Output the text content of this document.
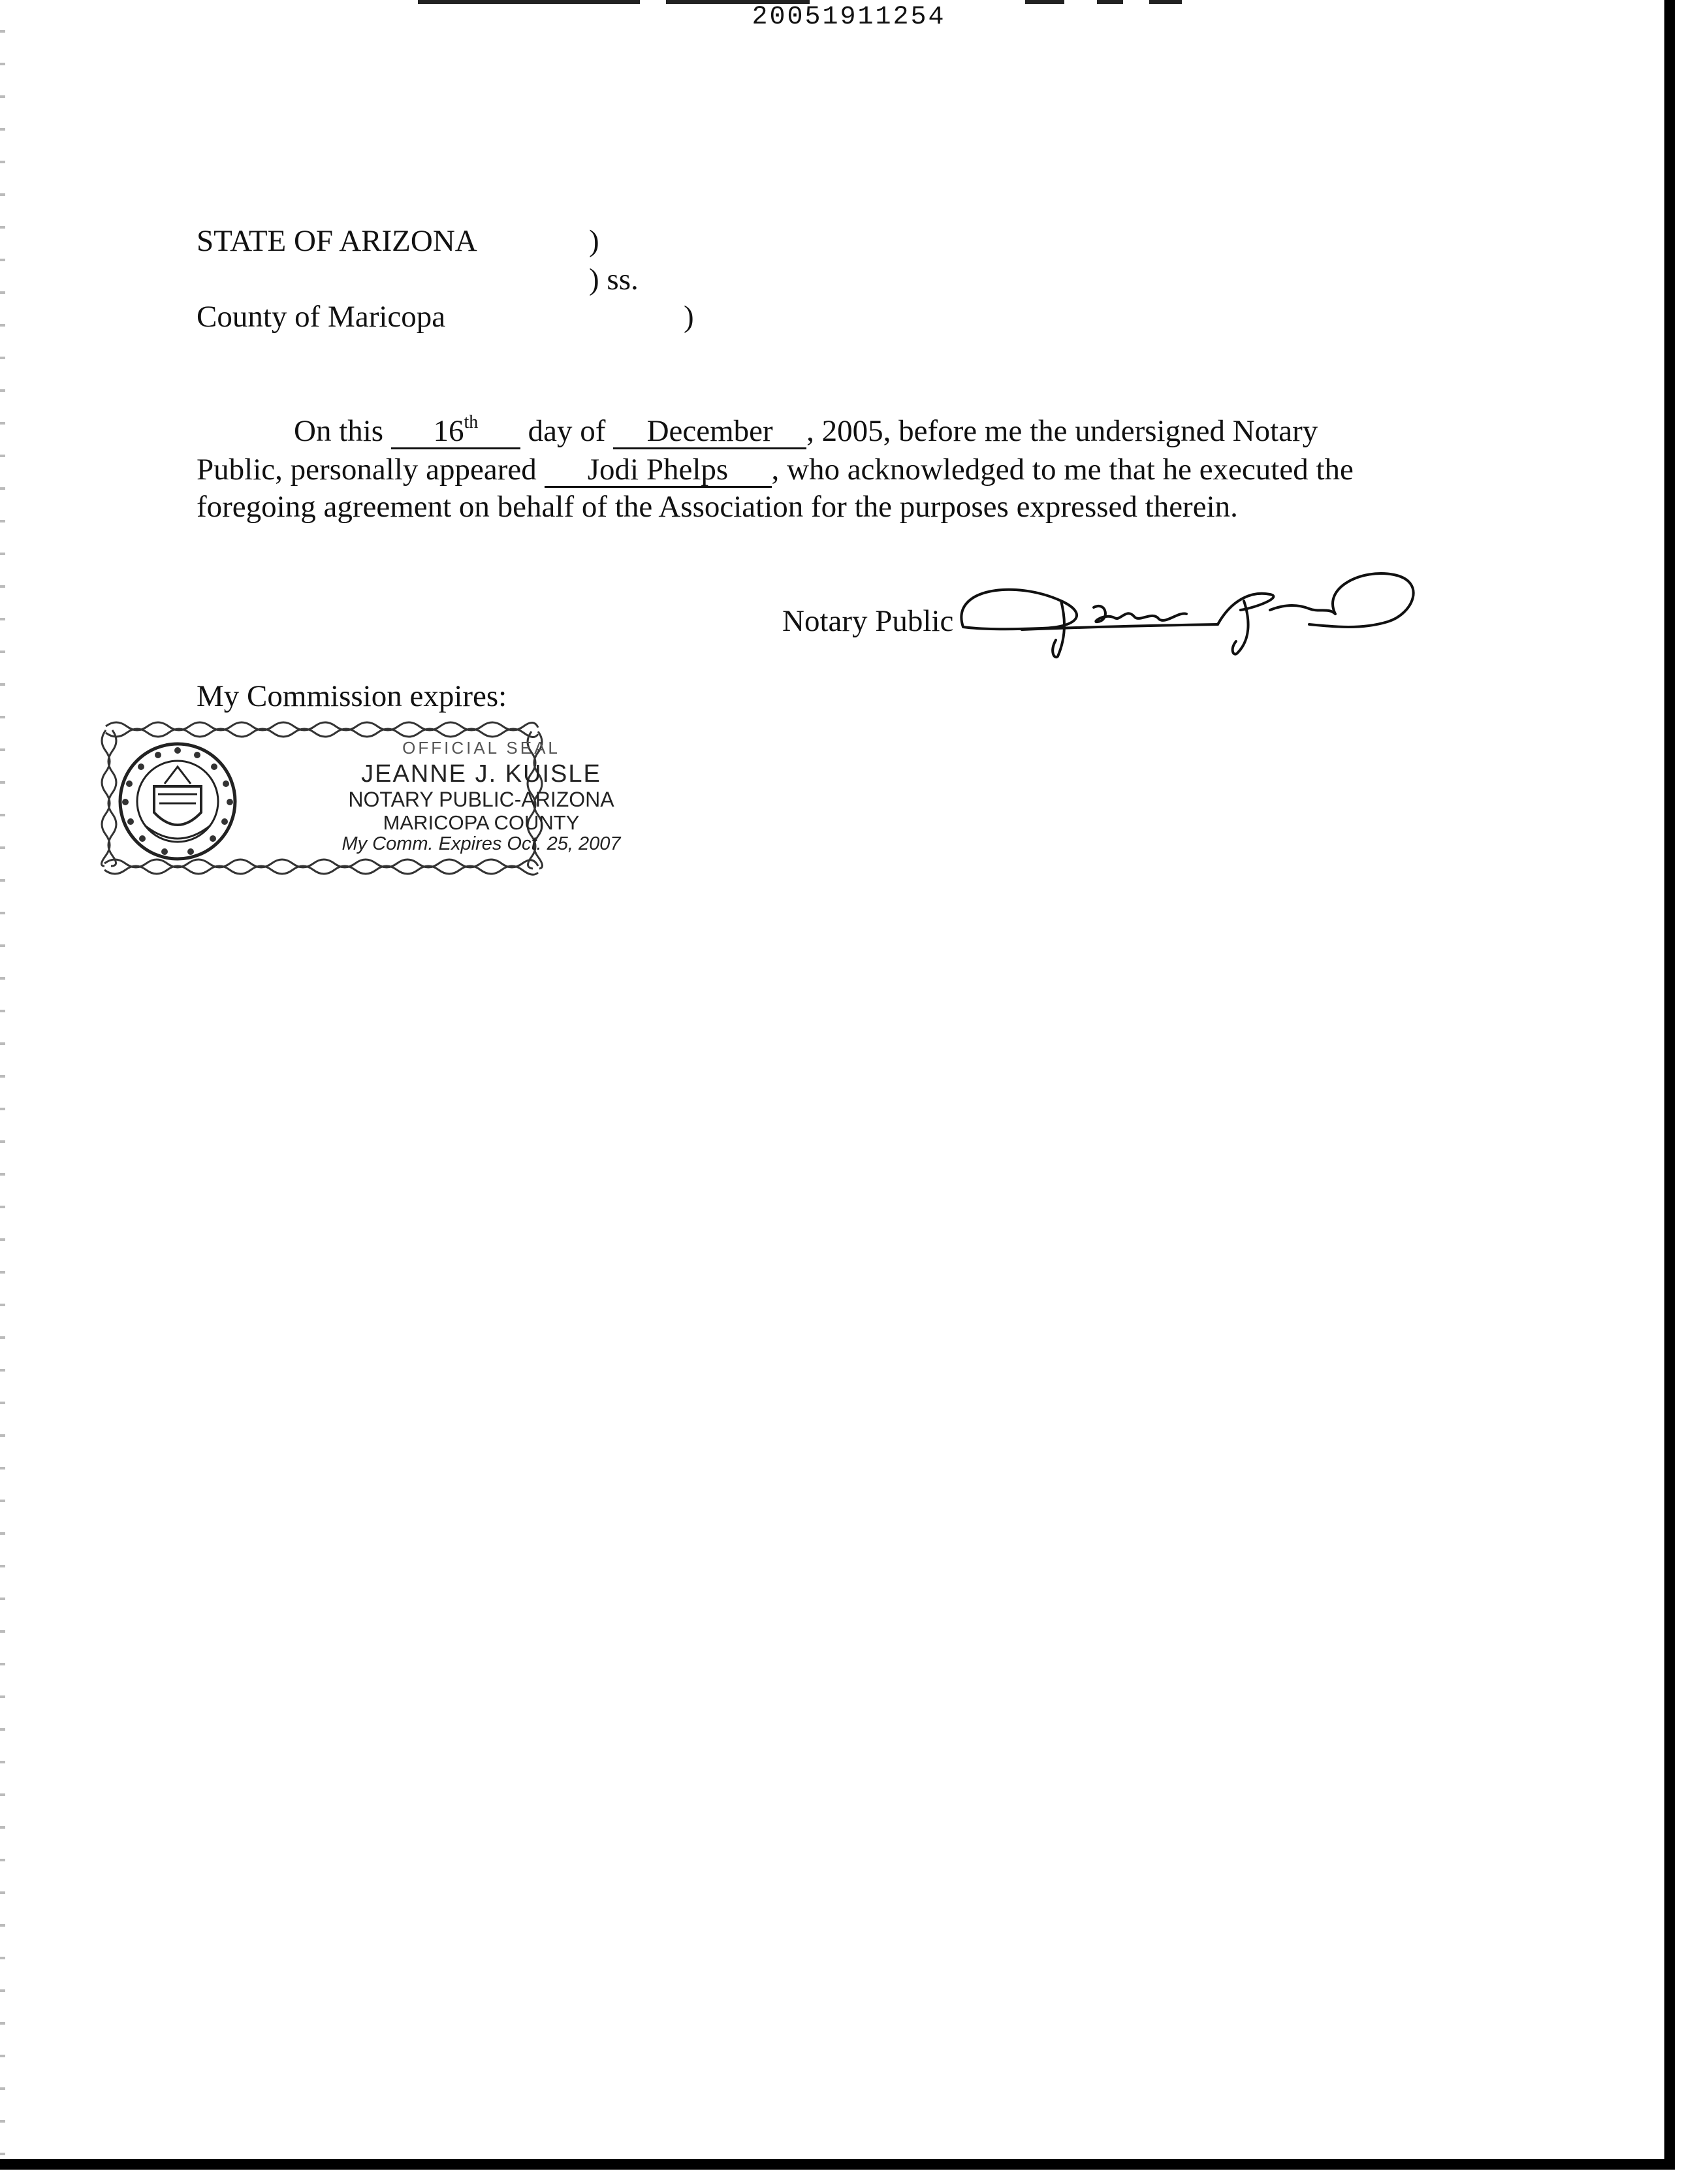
20051911254
STATE OF ARIZONA	)
) ss.
County of Maricopa	)
On this 16th day of December , 2005, before me the undersigned Notary
Public, personally appeared Jodi Phelps , who acknowledged to me that he executed the
foregoing agreement on behalf of the Association for the purposes expressed therein.
Notary Public
My Commission expires:
OFFICIAL SEAL
JEANNE J. KUISLE
NOTARY PUBLIC-ARIZONA
MARICOPA COUNTY
My Comm. Expires Oct. 25, 2007
